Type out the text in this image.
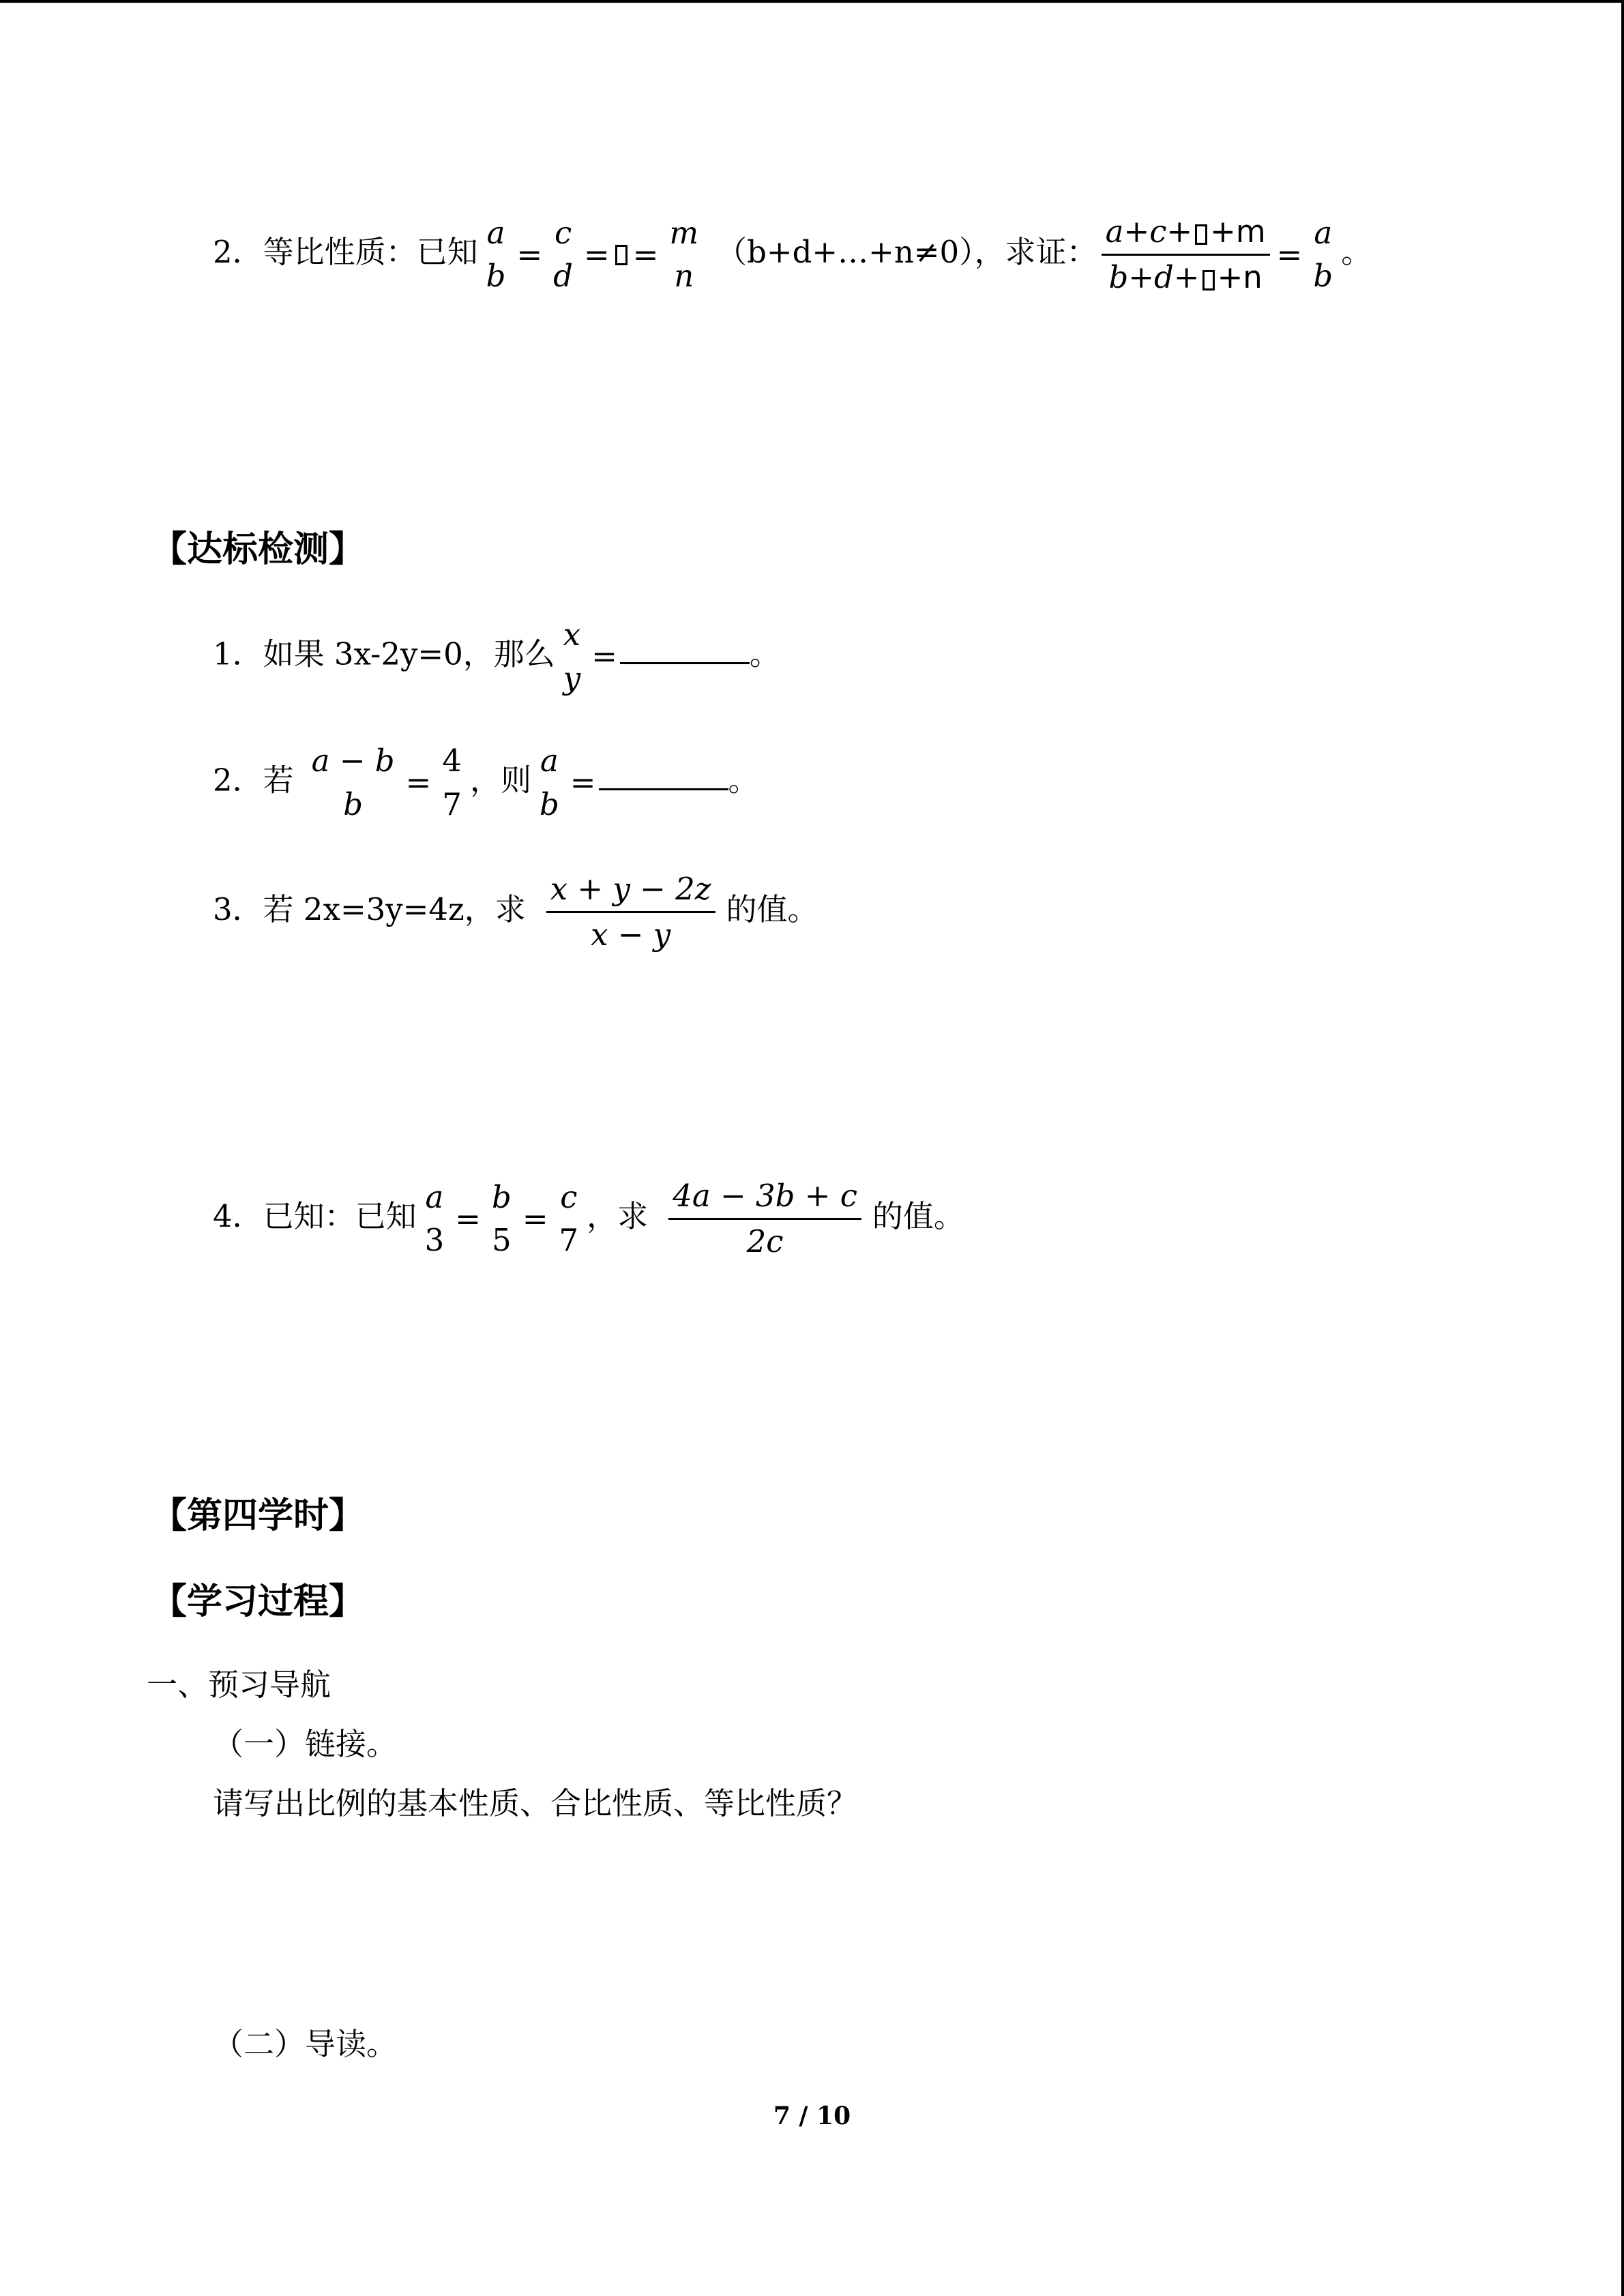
2．等比性质：已知
a
b
=
c
d
= =
m
n
（b+d+…+n≠0），求证： $\frac{a+c+ +m}{b+d+ +n}$ =
a
b
。
【达标检测】
1．如果 3x-2y=0，那么
x
y
=	。
2．若
a − b
b
=
4
7
，则
a
b
=	。
3．若 2x=3y=4z，求 $\frac{x + y - 2z}{x - y}$ 的值。
4．已知：已知
a
3
=
b
5
=
c
7
，求 $\frac{4a - 3b + c}{2c}$ 的值。
【第四学时】
【学习过程】
一、预习导航
（一）链接。
请写出比例的基本性质、合比性质、等比性质？
（二）导读。
7 / 10
